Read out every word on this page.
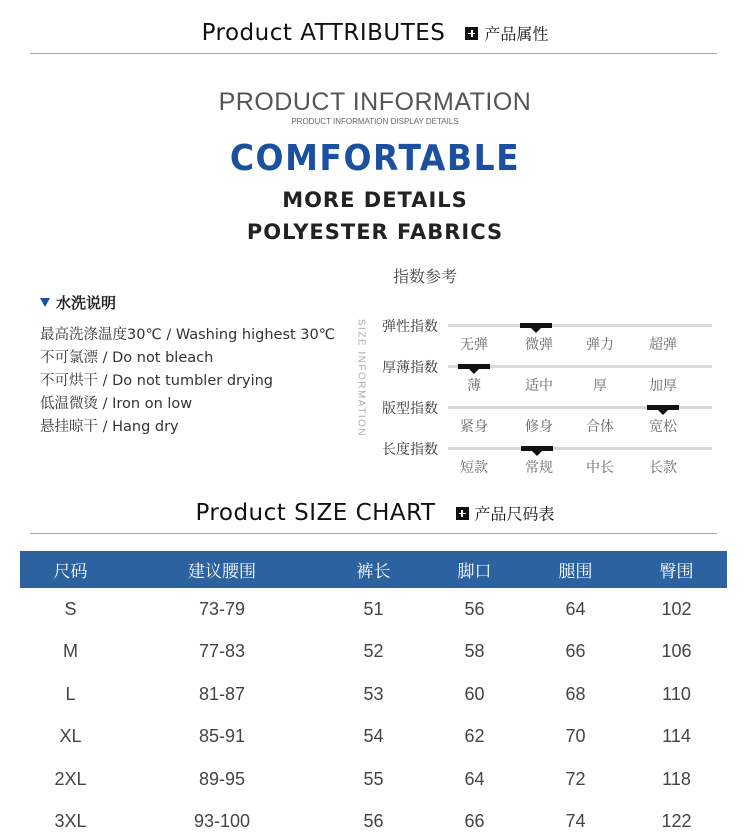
Product ATTRIBUTES 产品属性
PRODUCT INFORMATION
PRODUCT INFORMATION DISPLAY DETAILS
COMFORTABLE
MORE DETAILS
POLYESTER FABRICS
指数参考
水洗说明
最高洗涤温度30℃ / Washing highest 30℃
不可氯漂 / Do not bleach
不可烘干 / Do not tumbler drying
低温微烫 / Iron on low
悬挂晾干 / Hang dry	SIZE INFORMATION 弹性指数
无弹	微弹	弹力	超弹
厚薄指数
薄	适中	厚	加厚
版型指数
紧身	修身	合体	宽松
长度指数
短款	常规	中长	长款
Product SIZE CHART 产品尺码表
尺码	建议腰围	裤长	脚口	腿围	臀围
S	73-79	51	56	64	102
M	77-83	52	58	66	106
L	81-87	53	60	68	110
XL	85-91	54	62	70	114
2XL	89-95	55	64	72	118
3XL	93-100	56	66	74	122
